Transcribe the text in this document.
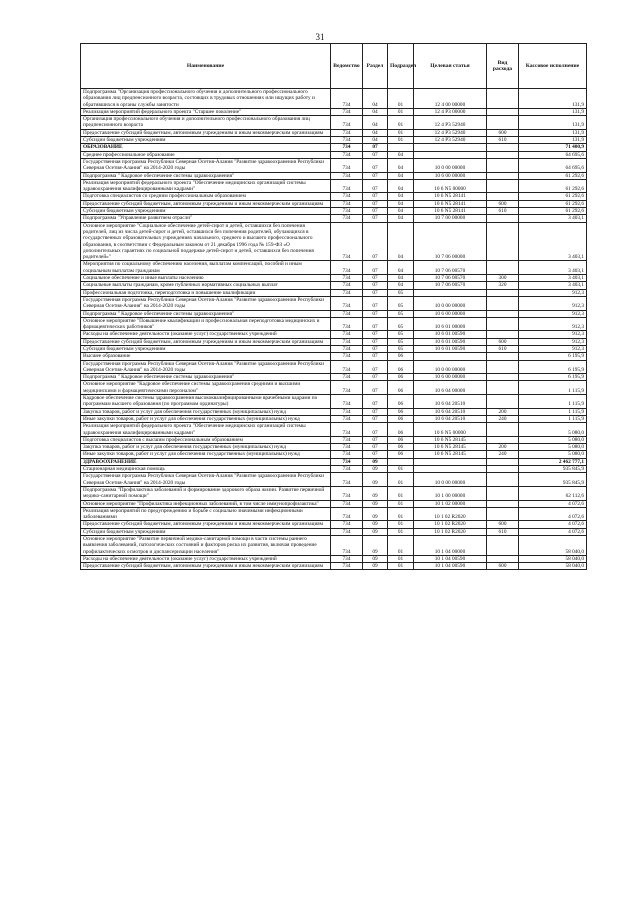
31
Наименование	Ведомство	Раздел	Подраздел	Целевая статья	Вид расхода	Кассовое исполнение
Подпрограмма "Организация профессионального обучения и дополнительного профессионального образования лиц предпенсионного возраста, состоящих в трудовых отношениях или ищущих работу и обратившихся в органы службы занятости	734	04	01	12 4 00 00000		131,9
Реализация мероприятий федерального проекта "Старшее поколение"	734	04	01	12 4 P3 00000		131,9
Организация профессионального обучения и дополнительного профессионального образования лиц предпенсионного возраста	734	04	01	12 4 P3 52940		131,9
Предоставление субсидий бюджетным, автономным учреждениям и иным некоммерческим организациям	734	04	01	12 4 P3 52940	600	131,9
Субсидии бюджетным учреждениям	734	04	01	12 4 P3 52940	610	131,9
ОБРАЗОВАНИЕ	734	07				71 400,9
Среднее профессиональное образование	734	07	04			64 695,6
Государственная программа Республики Северная Осетия-Алания "Развитие здравоохранения Республики Северная Осетия-Алания" на 2014-2020 годы	734	07	04	10 0 00 00000		64 695,6
Подпрограмма " Кадровое обеспечение системы здравоохранения"	734	07	04	10 6 00 00000		61 292,6
Реализация мероприятий федерального проекта "Обеспечение медицинских организаций системы здравоохранения квалифицированными кадрами"	734	07	04	10 6 N5 00000		61 292,6
Подготовка специалистов со средним профессиональным образованием	734	07	04	10 6 N5 28141		61 292,6
Предоставление субсидий бюджетным, автономным учреждениям и иным некоммерческим организациям	734	07	04	10 6 N5 28141	600	61 292,6
Субсидии бюджетным учреждениям	734	07	04	10 6 N5 28141	610	61 292,6
Подпрограмма "Управление развитием отрасли"	734	07	04	10 7 00 00000		3 403,1
Основное мероприятие "Социальное обеспечение детей-сирот и детей, оставшихся без попечения родителей, лиц из числа детей-сирот и детей, оставшихся без попечения родителей, обучающихся в государственных образовательных учреждениях начального, среднего и высшего профессионального образования, в соответствии с Федеральным законом от 21 декабря 1996 года № 159-ФЗ «О дополнительных гарантиях по социальной поддержке детей-сирот и детей, оставшихся без попечения родителей»"	734	07	04	10 7 06 00000		3 403,1
Мероприятия по социальному обеспечению населения, выплатам компенсаций, пособий и иным социальным выплатам гражданам	734	07	04	10 7 06 00570		3 403,1
Социальное обеспечение и иные выплаты населению	734	07	04	10 7 06 00570	300	3 403,1
Социальные выплаты гражданам, кроме публичных нормативных социальных выплат	734	07	04	10 7 06 00570	320	3 403,1
Профессиональная подготовка, переподготовка и повышение квалификации	734	07	05			912,3
Государственная программа Республики Северная Осетия-Алания "Развитие здравоохранения Республики Северная Осетия-Алания" на 2014-2020 годы	734	07	05	10 0 00 00000		912,3
Подпрограмма " Кадровое обеспечение системы здравоохранения"	734	07	05	10 6 00 00000		912,3
Основное мероприятие "Повышение квалификации и профессиональная переподготовка медицинских и фармацевтических работников"	734	07	05	10 6 01 00000		912,3
Расходы на обеспечение деятельности (оказание услуг) государственных учреждений	734	07	05	10 6 01 00590		912,3
Предоставление субсидий бюджетным, автономным учреждениям и иным некоммерческим организациям	734	07	05	10 6 01 00590	600	912,3
Субсидии бюджетным учреждениям	734	07	05	10 6 01 00590	610	912,3
Высшее образование	734	07	06			6 195,9
Государственная программа Республики Северная Осетия-Алания "Развитие здравоохранения Республики Северная Осетия-Алания" на 2014-2020 годы	734	07	06	10 0 00 00000		6 195,9
Подпрограмма " Кадровое обеспечение системы здравоохранения"	734	07	06	10 6 00 00000		6 195,9
Основное мероприятие "Кадровое обеспечение системы здравоохранения средними и высшими медицинскими и фармацевтическими персоналом"	734	07	06	10 6 04 00000		1 115,9
Кадровое обеспечение системы здравоохранения высококвалифицированными врачебными кадрами по программам высшего образования (по программам ординатуры)	734	07	06	10 6 04 20510		1 115,9
Закупка товаров, работ и услуг для обеспечения государственных (муниципальных) нужд	734	07	06	10 6 04 20510	200	1 115,9
Иные закупки товаров, работ и услуг для обеспечения государственных (муниципальных) нужд	734	07	06	10 6 04 20510	240	1 115,9
Реализация мероприятий федерального проекта "Обеспечение медицинских организаций системы здравоохранения квалифицированными кадрами"	734	07	06	10 6 N5 00000		5 080,0
Подготовка специалистов с высшим профессиональным образованием	734	07	06	10 6 N5 28145		5 080,0
Закупка товаров, работ и услуг для обеспечения государственных (муниципальных) нужд	734	07	06	10 6 N5 28145	200	5 080,0
Иные закупки товаров, работ и услуг для обеспечения государственных (муниципальных) нужд	734	07	06	10 6 N5 28145	240	5 080,0
ЗДРАВООХРАНЕНИЕ	734	09				2 462 777,1
Стационарная медицинская помощь	734	09	01			935 845,9
Государственная программа Республики Северная Осетия-Алания "Развитие здравоохранения Республики Северная Осетия-Алания" на 2014-2020 годы	734	09	01	10 0 00 00000		935 845,9
Подпрограмма "Профилактика заболеваний и формирование здорового образа жизни. Развитие первичной медико-санитарной помощи"	734	09	01	10 1 00 00000		62 112,6
Основное мероприятие "Профилактика инфекционных заболеваний, в том числе иммунопрофилактика"	734	09	01	10 1 02 00000		4 072,6
Реализация мероприятий по предупреждению и борьбе с социально значимыми инфекционными заболеваниями	734	09	01	10 1 02 R2020		4 072,6
Предоставление субсидий бюджетным, автономным учреждениям и иным некоммерческим организациям	734	09	01	10 1 02 R2020	600	4 072,6
Субсидии бюджетным учреждениям	734	09	01	10 1 02 R2020	610	4 072,6
Основное мероприятие "Развитие первичной медико-санитарной помощи в части системы раннего выявления заболеваний, патологических состояний и факторов риска их развития, включая проведение профилактических осмотров и диспансеризации населения"	734	09	01	10 1 04 00000		58 040,0
Расходы на обеспечение деятельности (оказание услуг) государственных учреждений	734	09	01	10 1 04 00590		58 040,0
Предоставление субсидий бюджетным, автономным учреждениям и иным некоммерческим организациям	734	09	01	10 1 04 00590	600	58 040,0
